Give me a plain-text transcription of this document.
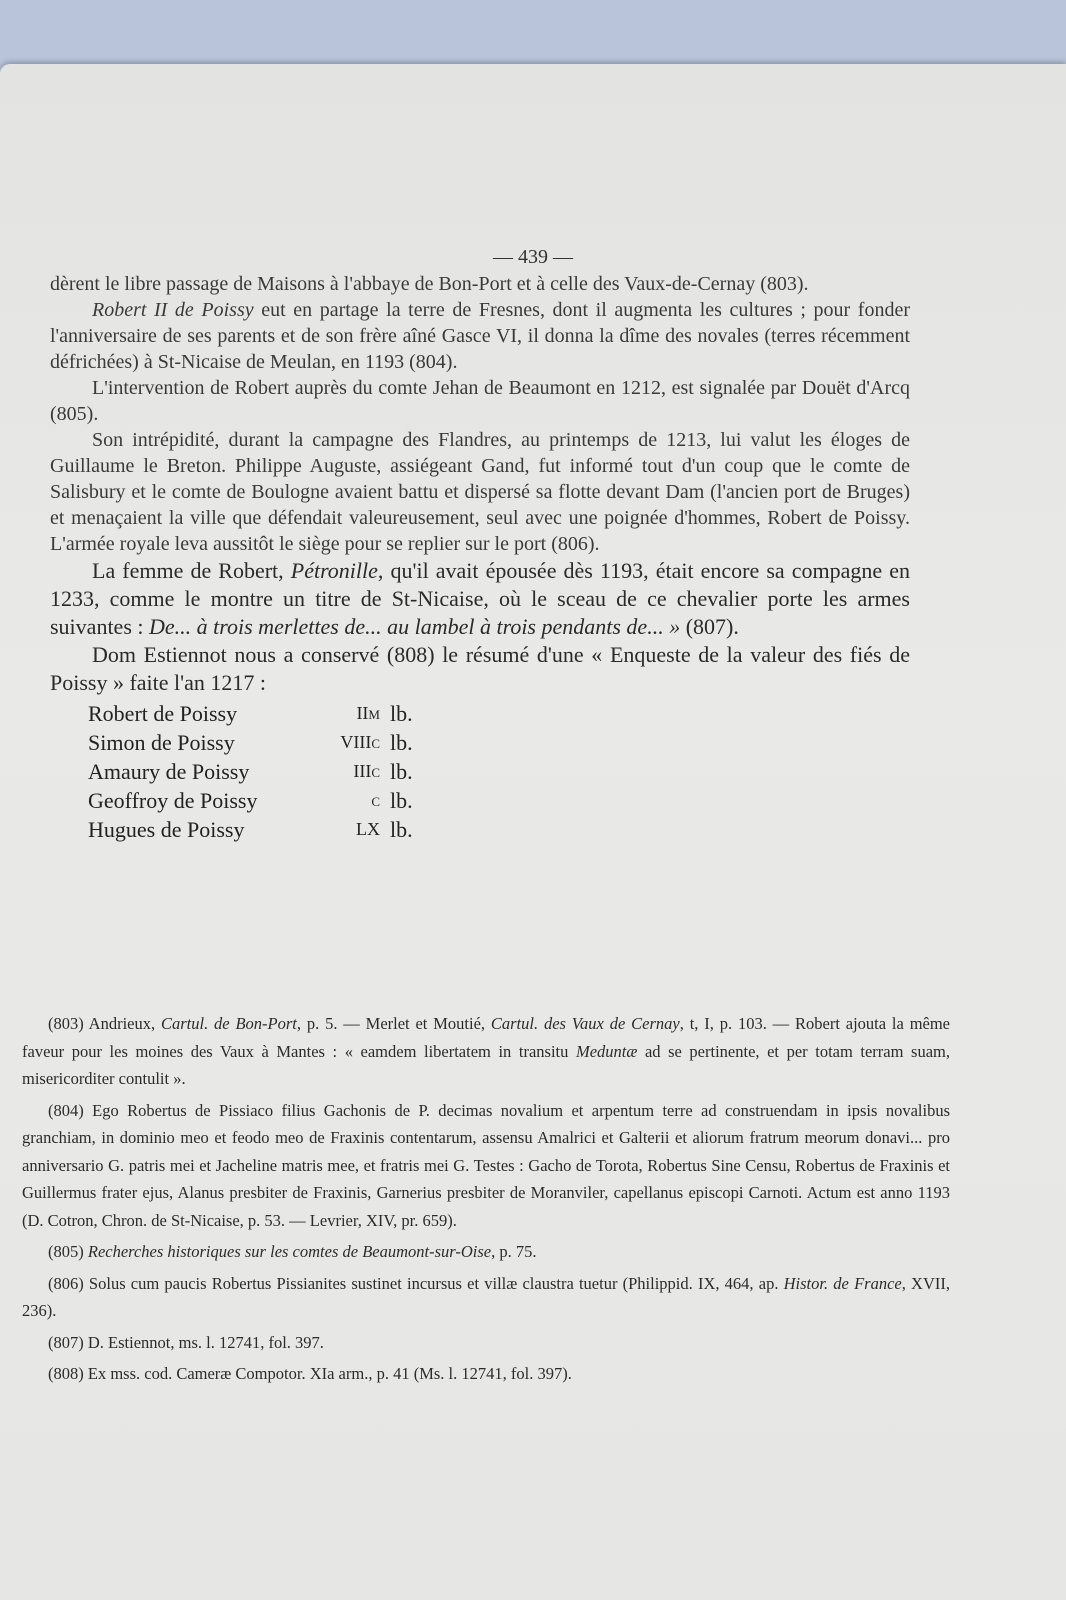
— 439 —

dèrent le libre passage de Maisons à l'abbaye de Bon-Port et à celle des Vaux-de-Cernay (803).

Robert II de Poissy eut en partage la terre de Fresnes, dont il augmenta les cultures ; pour fonder l'anniversaire de ses parents et de son frère aîné Gasce VI, il donna la dîme des novales (terres récemment défrichées) à St-Nicaise de Meulan, en 1193 (804).

L'intervention de Robert auprès du comte Jehan de Beaumont en 1212, est signalée par Douët d'Arcq (805).

Son intrépidité, durant la campagne des Flandres, au printemps de 1213, lui valut les éloges de Guillaume le Breton. Philippe Auguste, assiégeant Gand, fut informé tout d'un coup que le comte de Salisbury et le comte de Boulogne avaient battu et dispersé sa flotte devant Dam (l'ancien port de Bruges) et menaçaient la ville que défendait valeureusement, seul avec une poignée d'hommes, Robert de Poissy. L'armée royale leva aussitôt le siège pour se replier sur le port (806).

La femme de Robert, Pétronille, qu'il avait épousée dès 1193, était encore sa compagne en 1233, comme le montre un titre de St-Nicaise, où le sceau de ce chevalier porte les armes suivantes : De... à trois merlettes de... au lambel à trois pendants de... » (807).

Dom Estiennot nous a conservé (808) le résumé d'une « Enqueste de la valeur des fiés de Poissy » faite l'an 1217 :

Robert de Poissy	IIm	lb.
Simon de Poissy	VIIIc	lb.
Amaury de Poissy	IIIc	lb.
Geoffroy de Poissy	c	lb.
Hugues de Poissy	LX	lb.

(803) Andrieux, Cartul. de Bon-Port, p. 5. — Merlet et Moutié, Cartul. des Vaux de Cernay, t, I, p. 103. — Robert ajouta la même faveur pour les moines des Vaux à Mantes : « eamdem libertatem in transitu Meduntæ ad se pertinente, et per totam terram suam, misericorditer contulit ».

(804) Ego Robertus de Pissiaco filius Gachonis de P. decimas novalium et arpentum terre ad construendam in ipsis novalibus granchiam, in dominio meo et feodo meo de Fraxinis contentarum, assensu Amalrici et Galterii et aliorum fratrum meorum donavi... pro anniversario G. patris mei et Jacheline matris mee, et fratris mei G. Testes : Gacho de Torota, Robertus Sine Censu, Robertus de Fraxinis et Guillermus frater ejus, Alanus presbiter de Fraxinis, Garnerius presbiter de Moranviler, capellanus episcopi Carnoti. Actum est anno 1193 (D. Cotron, Chron. de St-Nicaise, p. 53. — Levrier, XIV, pr. 659).

(805) Recherches historiques sur les comtes de Beaumont-sur-Oise, p. 75.

(806) Solus cum paucis Robertus Pissianites sustinet incursus et villæ claustra tuetur (Philippid. IX, 464, ap. Histor. de France, XVII, 236).

(807) D. Estiennot, ms. l. 12741, fol. 397.

(808) Ex mss. cod. Cameræ Compotor. XIa arm., p. 41 (Ms. l. 12741, fol. 397).
